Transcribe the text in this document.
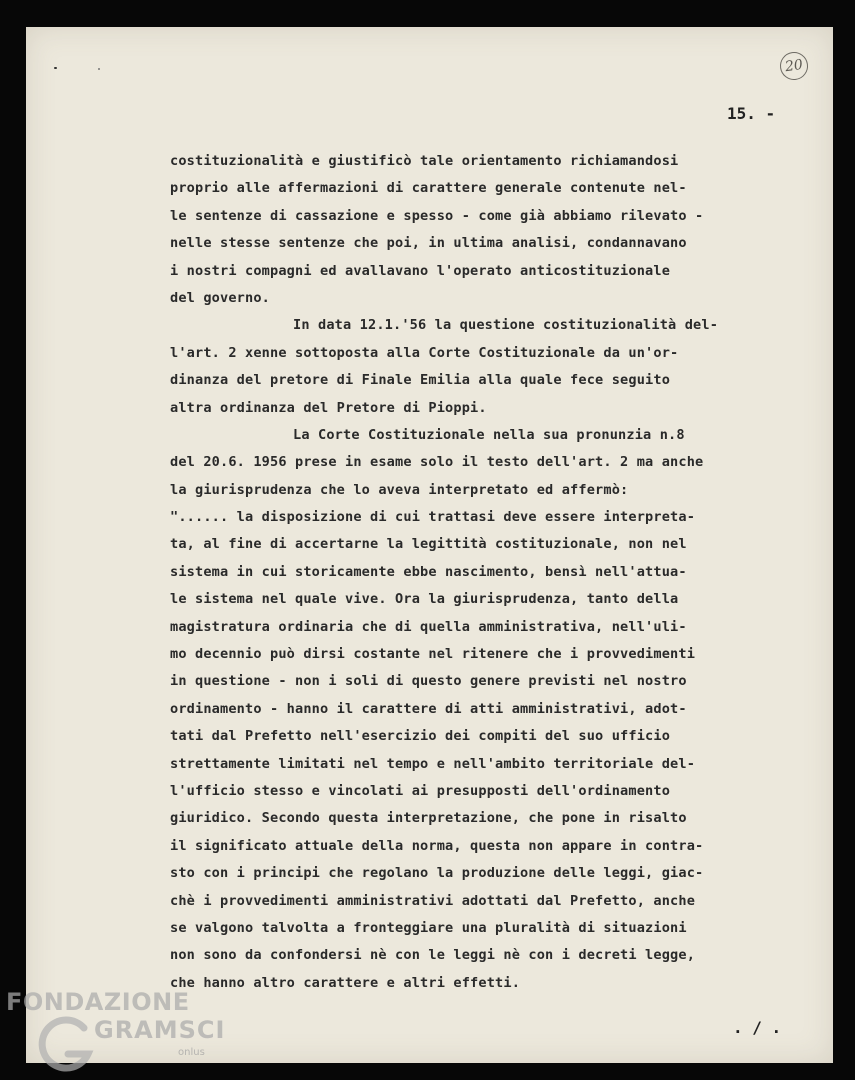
20
15. -
costituzionalità e giustificò tale orientamento richiamandosi
proprio alle affermazioni di carattere generale contenute nel-
le sentenze di cassazione e spesso - come già abbiamo rilevato -
nelle stesse sentenze che poi, in ultima analisi, condannavano
i nostri compagni ed avallavano l'operato anticostituzionale
del governo.
In data 12.1.'56 la questione costituzionalità del-
l'art. 2 xenne sottoposta alla Corte Costituzionale da un'or-
dinanza del pretore di Finale Emilia alla quale fece seguito
altra ordinanza del Pretore di Pioppi.
La Corte Costituzionale nella sua pronunzia n.8
del 20.6. 1956 prese in esame solo il testo dell'art. 2 ma anche
la giurisprudenza che lo aveva interpretato ed affermò:
"...... la disposizione di cui trattasi deve essere interpreta-
ta, al fine di accertarne la legittità costituzionale, non nel
sistema in cui storicamente ebbe nascimento, bensì nell'attua-
le sistema nel quale vive. Ora la giurisprudenza, tanto della
magistratura ordinaria che di quella amministrativa, nell'uli-
mo decennio può dirsi costante nel ritenere che i provvedimenti
in questione - non i soli di questo genere previsti nel nostro
ordinamento - hanno il carattere di atti amministrativi, adot-
tati dal Prefetto nell'esercizio dei compiti del suo ufficio
strettamente limitati nel tempo e nell'ambito territoriale del-
l'ufficio stesso e vincolati ai presupposti dell'ordinamento
giuridico. Secondo questa interpretazione, che pone in risalto
il significato attuale della norma, questa non appare in contra-
sto con i principi che regolano la produzione delle leggi, giac-
chè i provvedimenti amministrativi adottati dal Prefetto, anche
se valgono talvolta a fronteggiare una pluralità di situazioni
non sono da confondersi nè con le leggi nè con i decreti legge,
che hanno altro carattere e altri effetti.
. / .
FONDAZIONE
GRAMSCI
onlus
